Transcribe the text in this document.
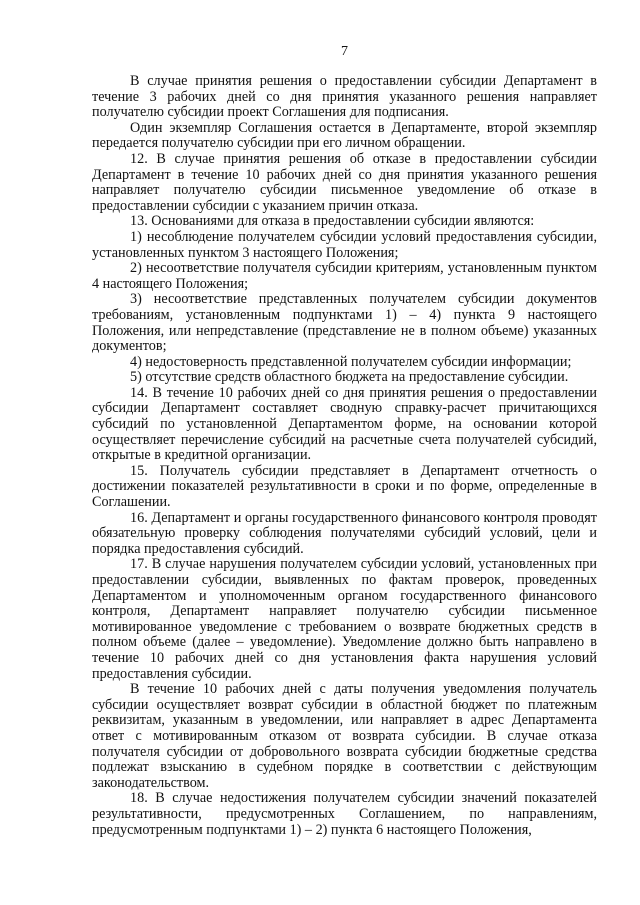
7

В случае принятия решения о предоставлении субсидии Департамент в течение 3 рабочих дней со дня принятия указанного решения направляет получателю субсидии проект Соглашения для подписания.

Один экземпляр Соглашения остается в Департаменте, второй экземпляр передается получателю субсидии при его личном обращении.

12. В случае принятия решения об отказе в предоставлении субсидии Департамент в течение 10 рабочих дней со дня принятия указанного решения направляет получателю субсидии письменное уведомление об отказе в предоставлении субсидии с указанием причин отказа.

13. Основаниями для отказа в предоставлении субсидии являются:

1) несоблюдение получателем субсидии условий предоставления субсидии, установленных пунктом 3 настоящего Положения;

2) несоответствие получателя субсидии критериям, установленным пунктом 4 настоящего Положения;

3) несоответствие представленных получателем субсидии документов требованиям, установленным подпунктами 1) – 4) пункта 9 настоящего Положения, или непредставление (представление не в полном объеме) указанных документов;

4) недостоверность представленной получателем субсидии информации;

5) отсутствие средств областного бюджета на предоставление субсидии.

14. В течение 10 рабочих дней со дня принятия решения о предоставлении субсидии Департамент составляет сводную справку-расчет причитающихся субсидий по установленной Департаментом форме, на основании которой осуществляет перечисление субсидий на расчетные счета получателей субсидий, открытые в кредитной организации.

15. Получатель субсидии представляет в Департамент отчетность о достижении показателей результативности в сроки и по форме, определенные в Соглашении.

16. Департамент и органы государственного финансового контроля проводят обязательную проверку соблюдения получателями субсидий условий, цели и порядка предоставления субсидий.

17. В случае нарушения получателем субсидии условий, установленных при предоставлении субсидии, выявленных по фактам проверок, проведенных Департаментом и уполномоченным органом государственного финансового контроля, Департамент направляет получателю субсидии письменное мотивированное уведомление с требованием о возврате бюджетных средств в полном объеме (далее – уведомление). Уведомление должно быть направлено в течение 10 рабочих дней со дня установления факта нарушения условий предоставления субсидии.

В течение 10 рабочих дней с даты получения уведомления получатель субсидии осуществляет возврат субсидии в областной бюджет по платежным реквизитам, указанным в уведомлении, или направляет в адрес Департамента ответ с мотивированным отказом от возврата субсидии. В случае отказа получателя субсидии от добровольного возврата субсидии бюджетные средства подлежат взысканию в судебном порядке в соответствии с действующим законодательством.

18. В случае недостижения получателем субсидии значений показателей результативности, предусмотренных Соглашением, по направлениям, предусмотренным подпунктами 1) – 2) пункта 6 настоящего Положения,
